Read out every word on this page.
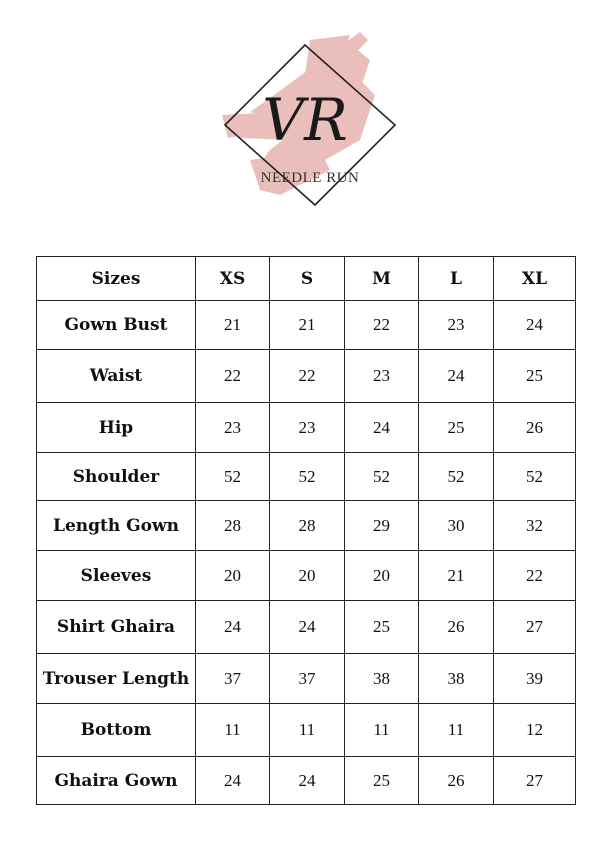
VR
NEEDLE RUN
Sizes	XS	S	M	L	XL
Gown Bust	21	21	22	23	24
Waist	22	22	23	24	25
Hip	23	23	24	25	26
Shoulder	52	52	52	52	52
Length Gown	28	28	29	30	32
Sleeves	20	20	20	21	22
Shirt Ghaira	24	24	25	26	27
Trouser Length	37	37	38	38	39
Bottom	11	11	11	11	12
Ghaira Gown	24	24	25	26	27
